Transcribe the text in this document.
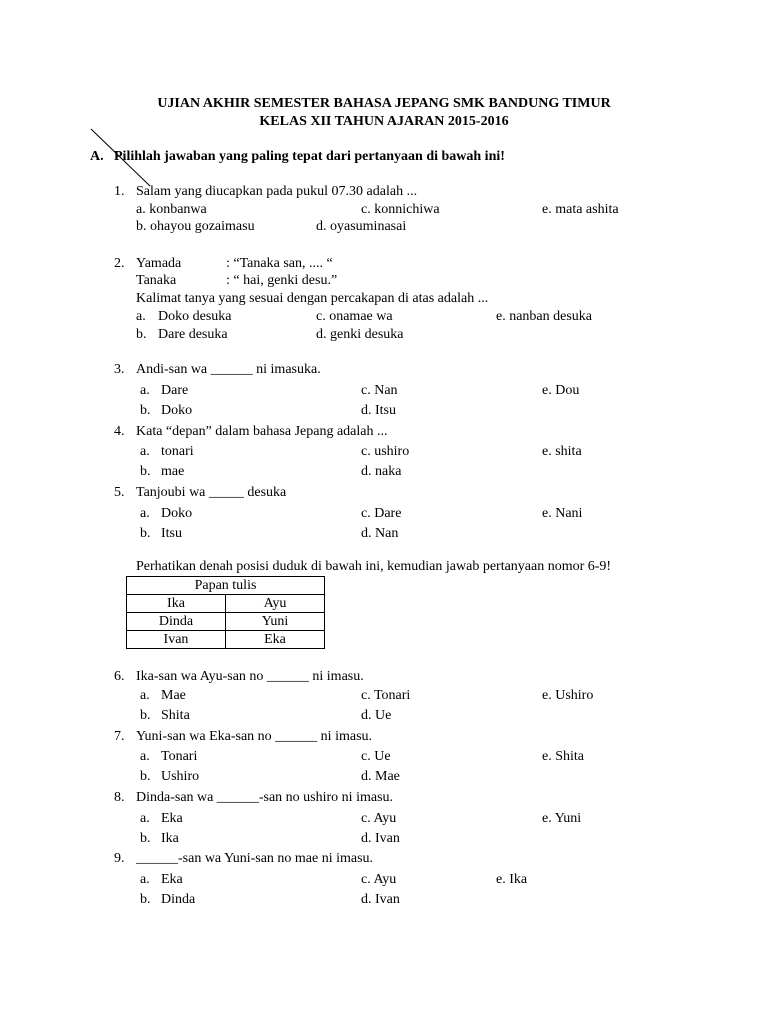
UJIAN AKHIR SEMESTER BAHASA JEPANG SMK BANDUNG TIMUR
KELAS XII TAHUN AJARAN 2015-2016
A. Pilihlah jawaban yang paling tepat dari pertanyaan di bawah ini!
1. Salam yang diucapkan pada pukul 07.30 adalah ...
a. konbanwa	c. konnichiwa	e. mata ashita
b. ohayou gozaimasu	d. oyasuminasai
2. Yamada	: “Tanaka san, .... “
Tanaka	: “ hai, genki desu.”
Kalimat tanya yang sesuai dengan percakapan di atas adalah ...
a. Doko desuka	c. onamae wa	e. nanban desuka
b. Dare desuka	d. genki desuka
3. Andi-san wa ______ ni imasuka.
a. Dare	c. Nan	e. Dou
b. Doko	d. Itsu
4. Kata “depan” dalam bahasa Jepang adalah ...
a. tonari	c. ushiro	e. shita
b. mae	d. naka
5. Tanjoubi wa _____ desuka
a. Doko	c. Dare	e. Nani
b. Itsu	d. Nan
Perhatikan denah posisi duduk di bawah ini, kemudian jawab pertanyaan nomor 6-9!
Papan tulis	
Ika	Ayu
Dinda	Yuni
Ivan	Eka
6. Ika-san wa Ayu-san no ______ ni imasu.
a. Mae	c. Tonari	e. Ushiro
b. Shita	d. Ue
7. Yuni-san wa Eka-san no ______ ni imasu.
a. Tonari	c. Ue	e. Shita
b. Ushiro	d. Mae
8. Dinda-san wa ______-san no ushiro ni imasu.
a. Eka	c. Ayu	e. Yuni
b. Ika	d. Ivan
9. ______-san wa Yuni-san no mae ni imasu.
a. Eka	c. Ayu	e. Ika
b. Dinda	d. Ivan
